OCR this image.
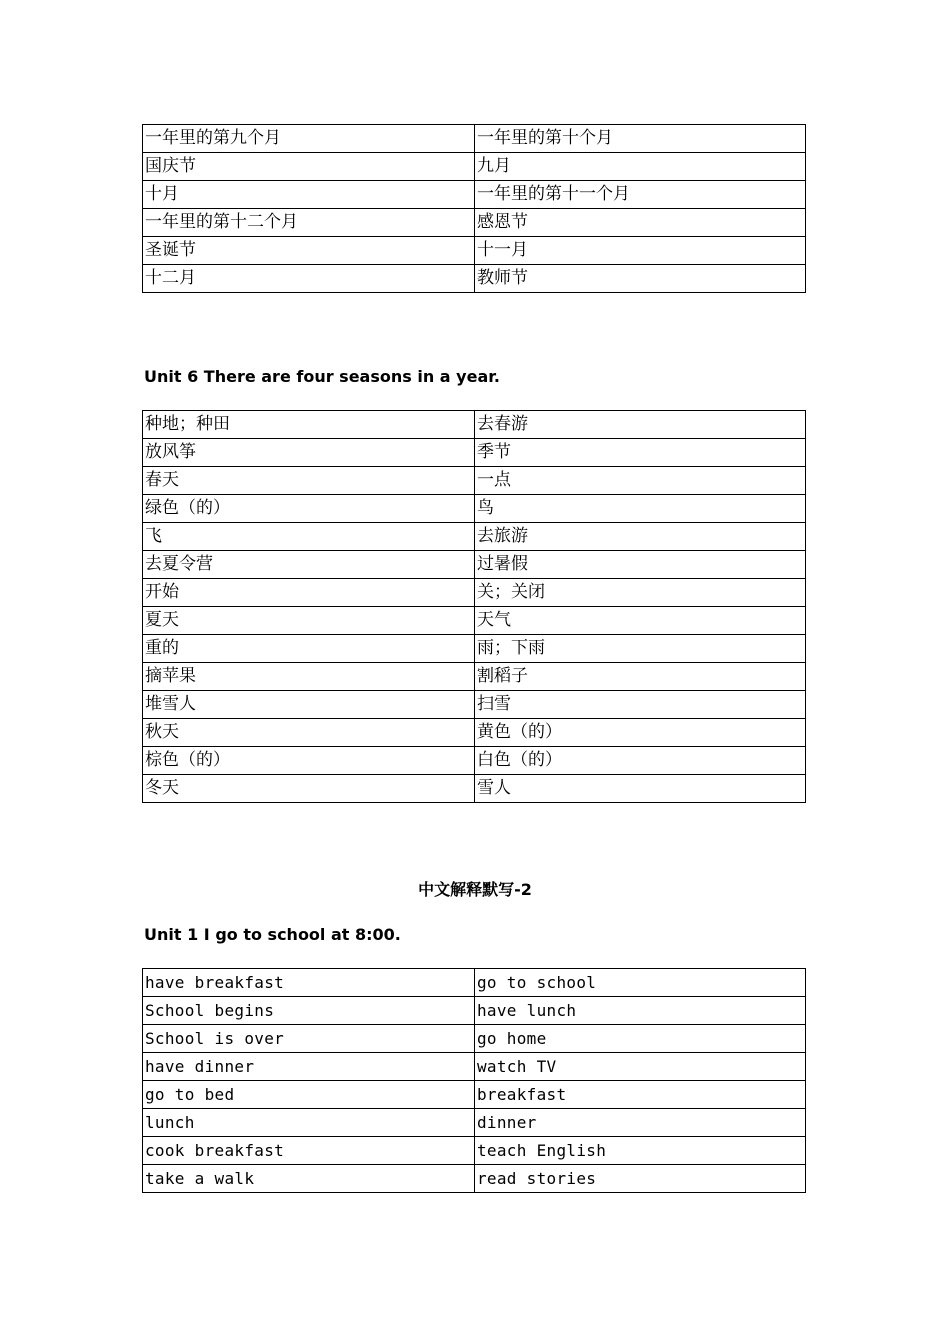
一年里的第九个月	一年里的第十个月
国庆节	九月
十月	一年里的第十一个月
一年里的第十二个月	感恩节
圣诞节	十一月
十二月	教师节

Unit 6 There are four seasons in a year.

种地；种田	去春游
放风筝	季节
春天	一点
绿色（的）	鸟
飞	去旅游
去夏令营	过暑假
开始	关；关闭
夏天	天气
重的	雨；下雨
摘苹果	割稻子
堆雪人	扫雪
秋天	黄色（的）
棕色（的）	白色（的）
冬天	雪人

中文解释默写-2

Unit 1 I go to school at 8:00.

have breakfast	go to school
School begins	have lunch
School is over	go home
have dinner	watch TV
go to bed	breakfast
lunch	dinner
cook breakfast	teach English
take a walk	read stories
